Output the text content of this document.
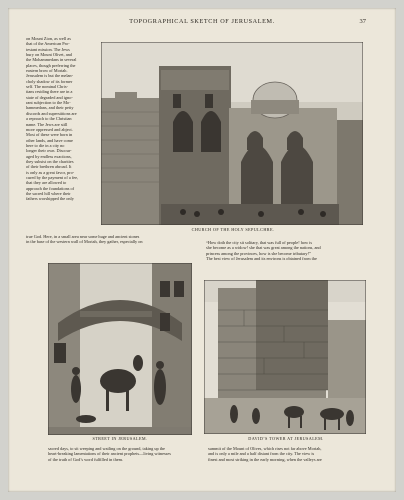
TOPOGRAPHICAL SKETCH OF JERUSALEM.	37
on Mount Zion, as well as
that of the American Pro-
testant mission. The Jews
bury on Mount Olivet, and
the Mohammedans in several
places, though preferring the
eastern brow of Moriah.
Jerusalem is but the melan-
choly shadow of its former
self. The nominal Chris-
tians residing there are in a
state of degraded and igno-
rant subjection to the Mo-
hammedans, and their petty
discords and superstitions are
a reproach to the Christian
name. The Jews are still
more oppressed and abject.
Most of these were born in
other lands, and have come
here to die in a city no
longer their own. Discour-
aged by endless exactions,
they subsist on the charities
of their brethren abroad. It
is only as a great favor, pro-
cured by the payment of a fee,
that they are allowed to
approach the foundations of
the sacred hill where their
fathers worshipped the only
CHURCH OF THE HOLY SEPULCHRE.
true God. Here, in a small area near some huge and ancient stones
in the base of the western wall of Moriah, they gather, especially on	“How doth the city sit solitary, that was full of people! how is
she become as a widow! she that was great among the nations, and
princess among the provinces, how is she become tributary!”
The best view of Jerusalem and its environs is obtained from the
STREET IN JERUSALEM.	DAVID’S TOWER AT JERUSALEM.
sacred days, to sit weeping and wailing on the ground, taking up the
heart-breaking lamentations of their ancient prophets—living witnesses
of the truth of God’s word fulfilled in them.
summit of the Mount of Olives, which rises not far above Moriah,
and is only a mile and a half distant from the city. The view is
finest and most striking in the early morning, when the valleys are
